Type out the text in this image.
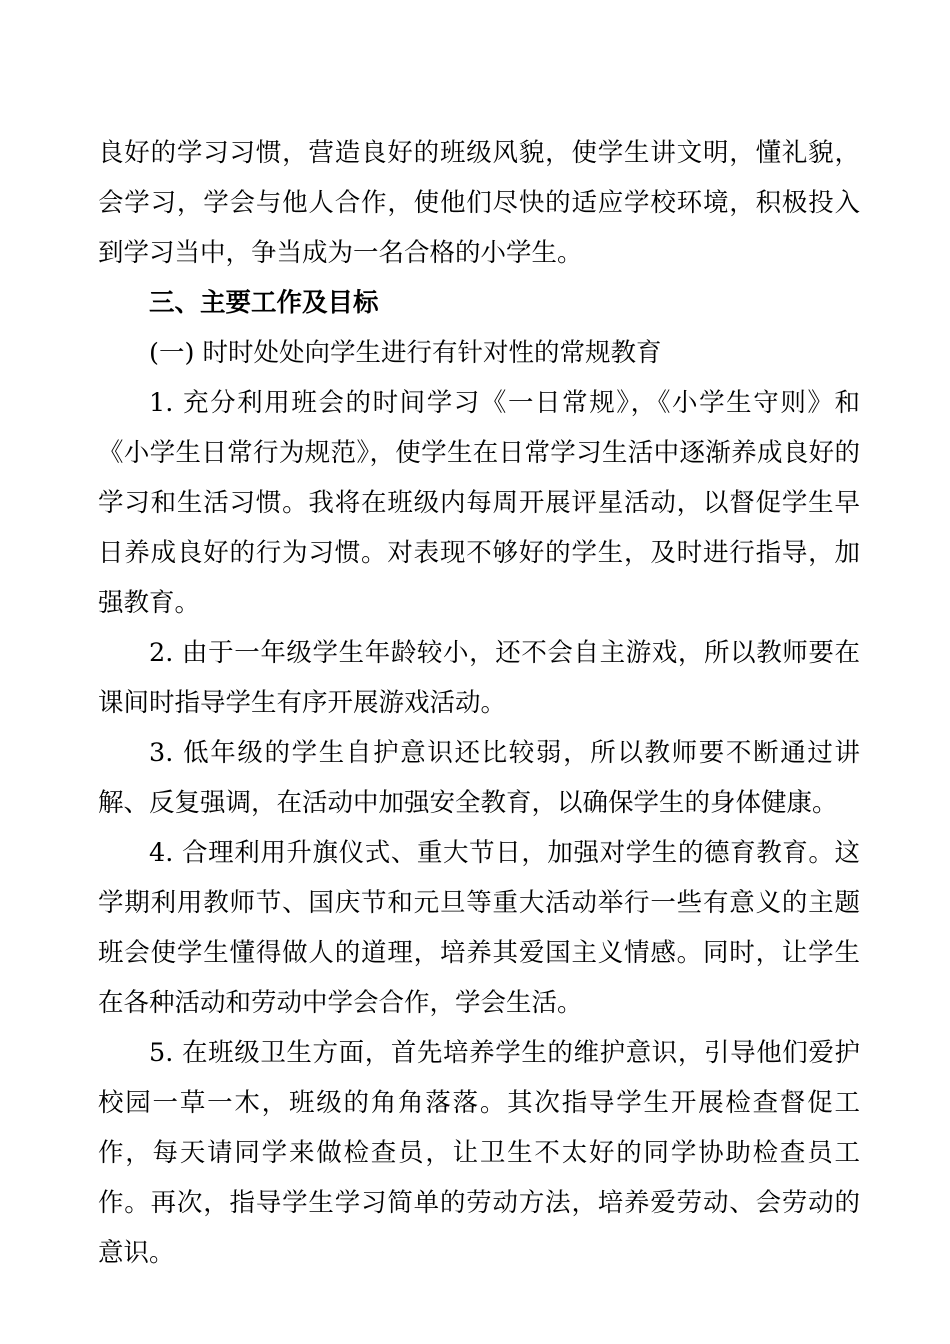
良好的学习习惯，营造良好的班级风貌，使学生讲文明，懂礼貌，会学习，学会与他人合作，使他们尽快的适应学校环境，积极投入到学习当中，争当成为一名合格的小学生。

三、主要工作及目标

(一) 时时处处向学生进行有针对性的常规教育

1. 充分利用班会的时间学习《一日常规》，《小学生守则》和《小学生日常行为规范》，使学生在日常学习生活中逐渐养成良好的学习和生活习惯。我将在班级内每周开展评星活动，以督促学生早日养成良好的行为习惯。对表现不够好的学生，及时进行指导，加强教育。

2. 由于一年级学生年龄较小，还不会自主游戏，所以教师要在课间时指导学生有序开展游戏活动。

3. 低年级的学生自护意识还比较弱，所以教师要不断通过讲解、反复强调，在活动中加强安全教育，以确保学生的身体健康。

4. 合理利用升旗仪式、重大节日，加强对学生的德育教育。这学期利用教师节、国庆节和元旦等重大活动举行一些有意义的主题班会使学生懂得做人的道理，培养其爱国主义情感。同时，让学生在各种活动和劳动中学会合作，学会生活。

5. 在班级卫生方面，首先培养学生的维护意识，引导他们爱护校园一草一木，班级的角角落落。其次指导学生开展检查督促工作，每天请同学来做检查员，让卫生不太好的同学协助检查员工作。再次，指导学生学习简单的劳动方法，培养爱劳动、会劳动的意识。
